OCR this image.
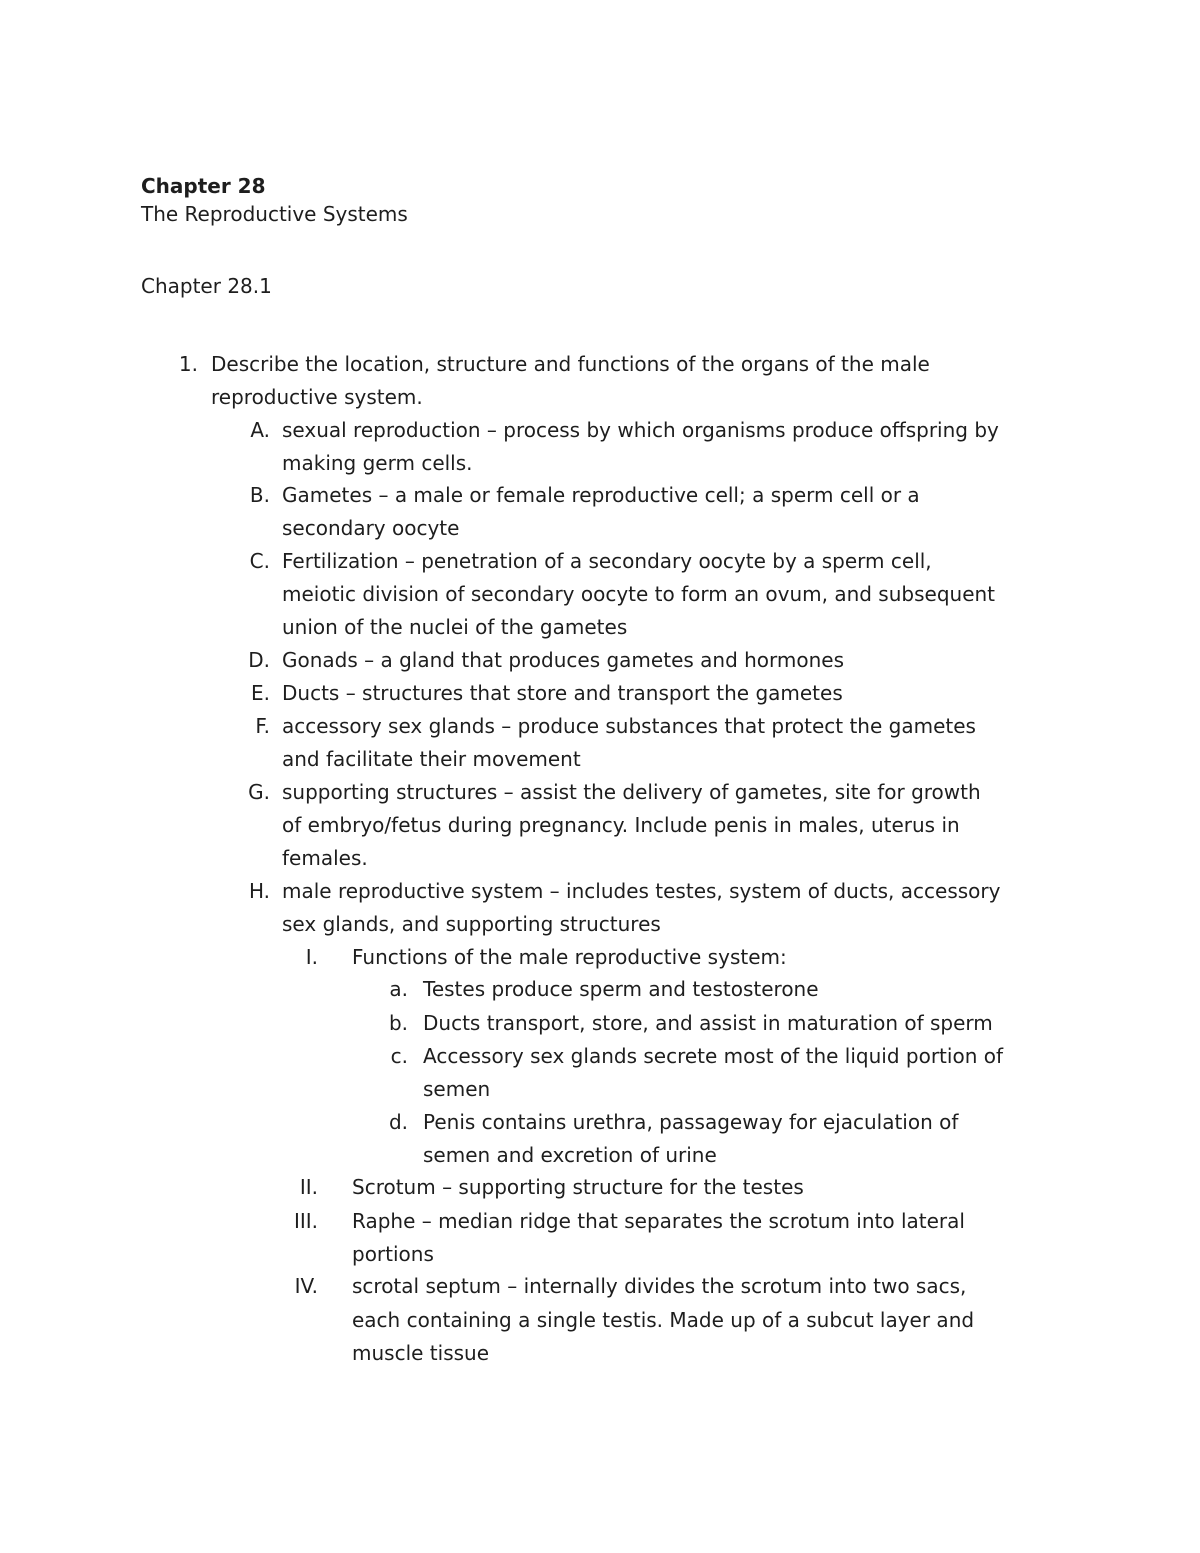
Chapter 28
The Reproductive Systems
Chapter 28.1
1. Describe the location, structure and functions of the organs of the male
reproductive system.
A. sexual reproduction – process by which organisms produce offspring by
making germ cells.
B. Gametes – a male or female reproductive cell; a sperm cell or a
secondary oocyte
C. Fertilization – penetration of a secondary oocyte by a sperm cell,
meiotic division of secondary oocyte to form an ovum, and subsequent
union of the nuclei of the gametes
D. Gonads – a gland that produces gametes and hormones
E. Ducts – structures that store and transport the gametes
F. accessory sex glands – produce substances that protect the gametes
and facilitate their movement
G. supporting structures – assist the delivery of gametes, site for growth
of embryo/fetus during pregnancy. Include penis in males, uterus in
females.
H. male reproductive system – includes testes, system of ducts, accessory
sex glands, and supporting structures
I. Functions of the male reproductive system:
a. Testes produce sperm and testosterone
b. Ducts transport, store, and assist in maturation of sperm
c. Accessory sex glands secrete most of the liquid portion of
semen
d. Penis contains urethra, passageway for ejaculation of
semen and excretion of urine
II. Scrotum – supporting structure for the testes
III. Raphe – median ridge that separates the scrotum into lateral
portions
IV. scrotal septum – internally divides the scrotum into two sacs,
each containing a single testis. Made up of a subcut layer and
muscle tissue
